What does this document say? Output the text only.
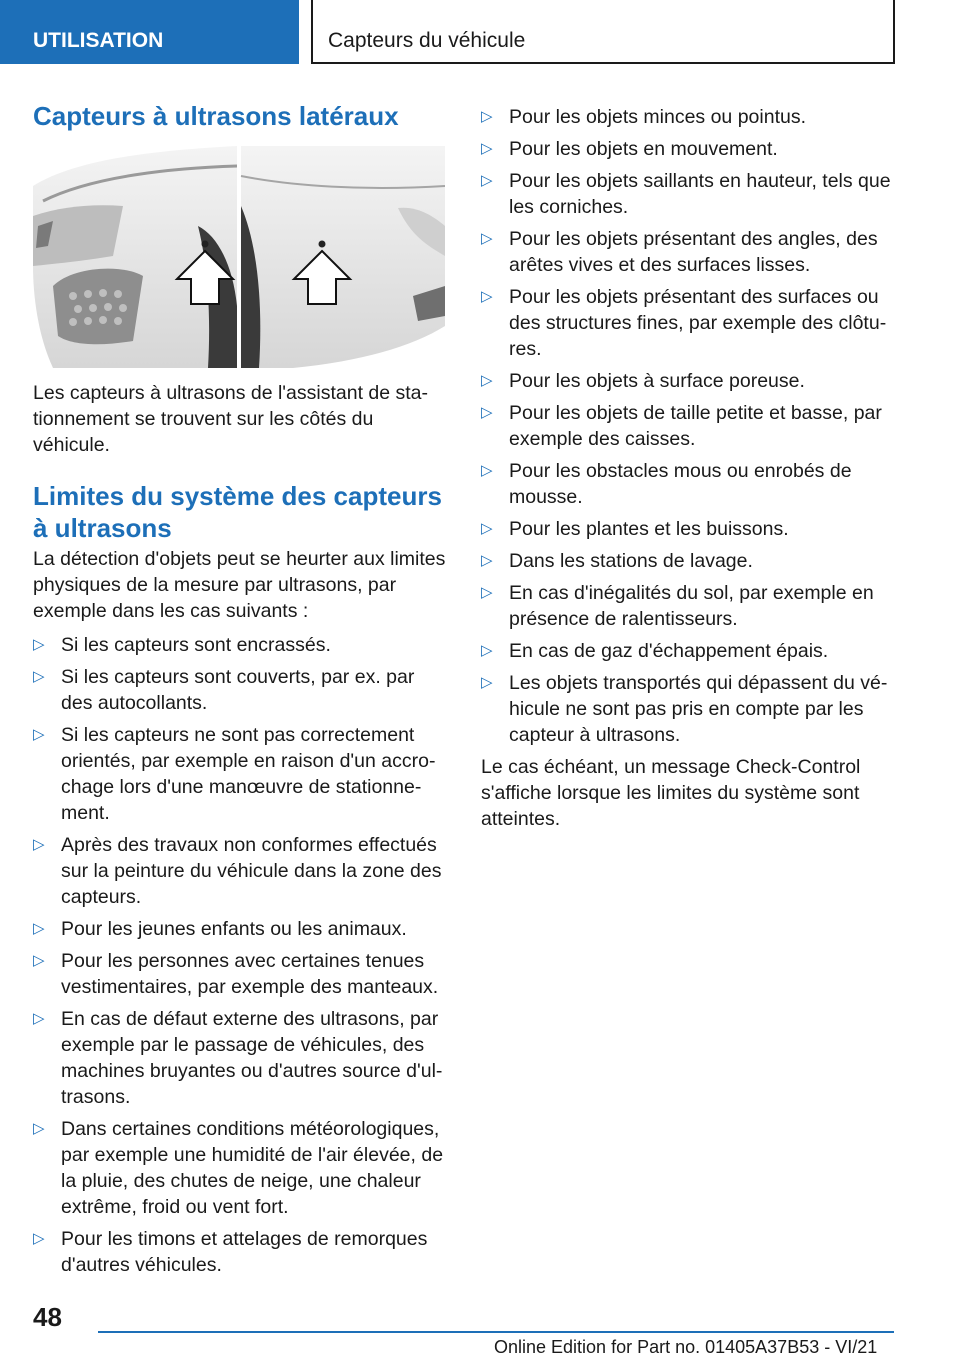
UTILISATION	Capteurs du véhicule
Capteurs à ultrasons latéraux

Les capteurs à ultrasons de l'assistant de stationnement se trouvent sur les côtés du véhicule.

Limites du système des capteurs à ultrasons

La détection d'objets peut se heurter aux limites physiques de la mesure par ultrasons, par exemple dans les cas suivants :

▷ Si les capteurs sont encrassés.
▷ Si les capteurs sont couverts, par ex. par des autocollants.
▷ Si les capteurs ne sont pas correctement orientés, par exemple en raison d'un accrochage lors d'une manœuvre de stationnement.
▷ Après des travaux non conformes effectués sur la peinture du véhicule dans la zone des capteurs.
▷ Pour les jeunes enfants ou les animaux.
▷ Pour les personnes avec certaines tenues vestimentaires, par exemple des manteaux.
▷ En cas de défaut externe des ultrasons, par exemple par le passage de véhicules, des machines bruyantes ou d'autres source d'ultrasons.
▷ Dans certaines conditions météorologiques, par exemple une humidité de l'air élevée, de la pluie, des chutes de neige, une chaleur extrême, froid ou vent fort.
▷ Pour les timons et attelages de remorques d'autres véhicules.
▷ Pour les objets minces ou pointus.
▷ Pour les objets en mouvement.
▷ Pour les objets saillants en hauteur, tels que les corniches.
▷ Pour les objets présentant des angles, des arêtes vives et des surfaces lisses.
▷ Pour les objets présentant des surfaces ou des structures fines, par exemple des clôtures.
▷ Pour les objets à surface poreuse.
▷ Pour les objets de taille petite et basse, par exemple des caisses.
▷ Pour les obstacles mous ou enrobés de mousse.
▷ Pour les plantes et les buissons.
▷ Dans les stations de lavage.
▷ En cas d'inégalités du sol, par exemple en présence de ralentisseurs.
▷ En cas de gaz d'échappement épais.
▷ Les objets transportés qui dépassent du véhicule ne sont pas pris en compte par les capteur à ultrasons.

Le cas échéant, un message Check-Control s'affiche lorsque les limites du système sont atteintes.

48
Online Edition for Part no. 01405A37B53 - VI/21
